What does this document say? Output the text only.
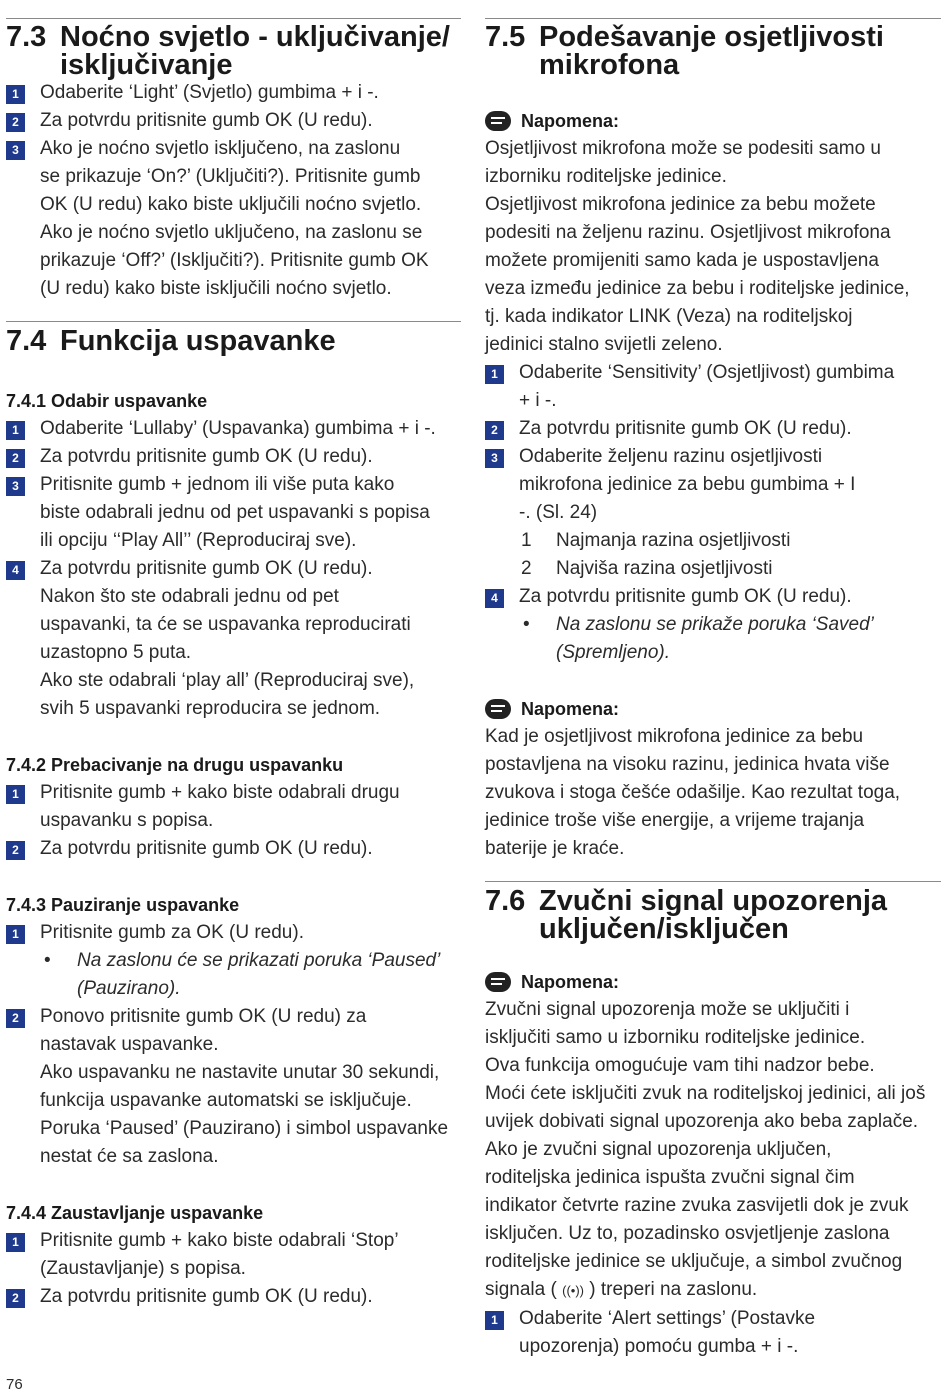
7.3 Noćno svjetlo - uključivanje/
isključivanje
1	Odaberite ‘Light’ (Svjetlo) gumbima + i -.
2	Za potvrdu pritisnite gumb OK (U redu).
3	Ako je noćno svjetlo isključeno, na zaslonu
se prikazuje ‘On?’ (Uključiti?). Pritisnite gumb
OK (U redu) kako biste uključili noćno svjetlo.
Ako je noćno svjetlo uključeno, na zaslonu se
prikazuje ‘Off?’ (Isključiti?). Pritisnite gumb OK
(U redu) kako biste isključili noćno svjetlo.
7.4 Funkcija uspavanke
7.4.1 Odabir uspavanke
1	Odaberite ‘Lullaby’ (Uspavanka) gumbima + i -.
2	Za potvrdu pritisnite gumb OK (U redu).
3	Pritisnite gumb + jednom ili više puta kako
biste odabrali jednu od pet uspavanki s popisa
ili opciju ‘‘Play All’’ (Reproduciraj sve).
4	Za potvrdu pritisnite gumb OK (U redu).
Nakon što ste odabrali jednu od pet
uspavanki, ta će se uspavanka reproducirati
uzastopno 5 puta.
Ako ste odabrali ‘play all’ (Reproduciraj sve),
svih 5 uspavanki reproducira se jednom.
7.4.2 Prebacivanje na drugu uspavanku
1	Pritisnite gumb + kako biste odabrali drugu
uspavanku s popisa.
2	Za potvrdu pritisnite gumb OK (U redu).
7.4.3 Pauziranje uspavanke
1	Pritisnite gumb za OK (U redu).
• Na zaslonu će se prikazati poruka ‘Paused’
(Pauzirano).
2	Ponovo pritisnite gumb OK (U redu) za
nastavak uspavanke.
Ako uspavanku ne nastavite unutar 30 sekundi,
funkcija uspavanke automatski se isključuje.
Poruka ‘Paused’ (Pauzirano) i simbol uspavanke
nestat će sa zaslona.
7.4.4 Zaustavljanje uspavanke
1	Pritisnite gumb + kako biste odabrali ‘Stop’
(Zaustavljanje) s popisa.
2	Za potvrdu pritisnite gumb OK (U redu).
7.5 Podešavanje osjetljivosti
mikrofona
Napomena:
Osjetljivost mikrofona može se podesiti samo u
izborniku roditeljske jedinice.
Osjetljivost mikrofona jedinice za bebu možete
podesiti na željenu razinu. Osjetljivost mikrofona
možete promijeniti samo kada je uspostavljena
veza između jedinice za bebu i roditeljske jedinice,
tj. kada indikator LINK (Veza) na roditeljskoj
jedinici stalno svijetli zeleno.
1	Odaberite ‘Sensitivity’ (Osjetljivost) gumbima
+ i -.
2	Za potvrdu pritisnite gumb OK (U redu).
3	Odaberite željenu razinu osjetljivosti
mikrofona jedinice za bebu gumbima + I
-. (Sl. 24)
1 Najmanja razina osjetljivosti
2 Najviša razina osjetljivosti
4	Za potvrdu pritisnite gumb OK (U redu).
• Na zaslonu se prikaže poruka ‘Saved’
(Spremljeno).
Napomena:
Kad je osjetljivost mikrofona jedinice za bebu
postavljena na visoku razinu, jedinica hvata više
zvukova i stoga češće odašilje. Kao rezultat toga,
jedinice troše više energije, a vrijeme trajanja
baterije je kraće.
7.6 Zvučni signal upozorenja
uključen/isključen
Napomena:
Zvučni signal upozorenja može se uključiti i
isključiti samo u izborniku roditeljske jedinice.
Ova funkcija omogućuje vam tihi nadzor bebe.
Moći ćete isključiti zvuk na roditeljskoj jedinici, ali još
uvijek dobivati signal upozorenja ako beba zaplače.
Ako je zvučni signal upozorenja uključen,
roditeljska jedinica ispušta zvučni signal čim
indikator četvrte razine zvuka zasvijetli dok je zvuk
isključen. Uz to, pozadinsko osvjetljenje zaslona
roditeljske jedinice se uključuje, a simbol zvučnog
signala ( ((•)) ) treperi na zaslonu.
1	Odaberite ‘Alert settings’ (Postavke
upozorenja) pomoću gumba + i -.
76
